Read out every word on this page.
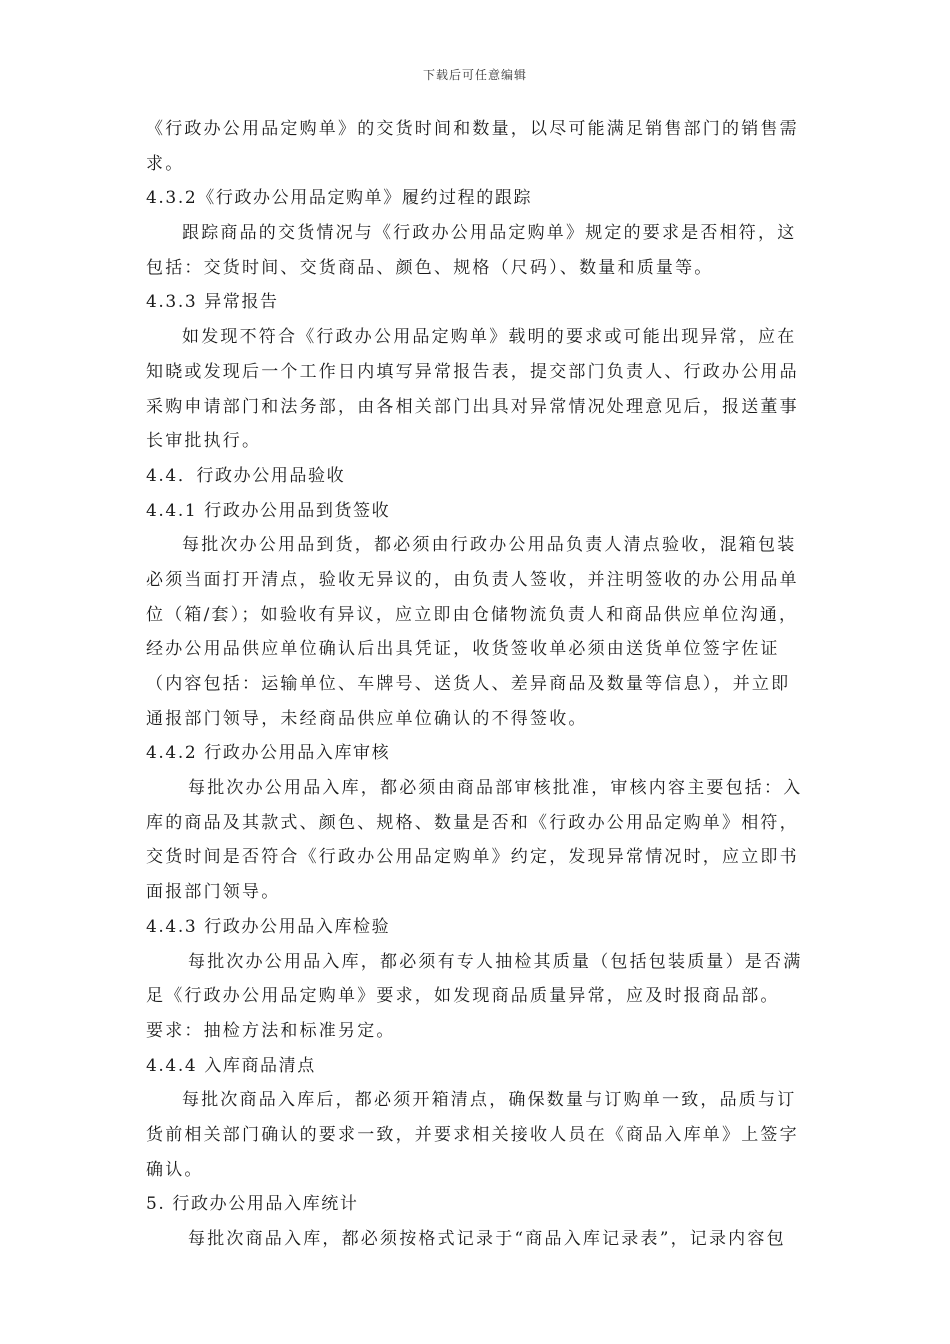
下载后可任意编辑
《行政办公用品定购单》的交货时间和数量，以尽可能满足销售部门的销售需
求。
4.3.2《行政办公用品定购单》履约过程的跟踪
跟踪商品的交货情况与《行政办公用品定购单》规定的要求是否相符，这
包括：交货时间、交货商品、颜色、规格（尺码）、数量和质量等。
4.3.3 异常报告
如发现不符合《行政办公用品定购单》载明的要求或可能出现异常，应在
知晓或发现后一个工作日内填写异常报告表，提交部门负责人、行政办公用品
采购申请部门和法务部，由各相关部门出具对异常情况处理意见后，报送董事
长审批执行。
4.4．行政办公用品验收
4.4.1 行政办公用品到货签收
每批次办公用品到货，都必须由行政办公用品负责人清点验收，混箱包装
必须当面打开清点，验收无异议的，由负责人签收，并注明签收的办公用品单
位（箱/套）；如验收有异议，应立即由仓储物流负责人和商品供应单位沟通，
经办公用品供应单位确认后出具凭证，收货签收单必须由送货单位签字佐证
（内容包括：运输单位、车牌号、送货人、差异商品及数量等信息），并立即
通报部门领导，未经商品供应单位确认的不得签收。
4.4.2 行政办公用品入库审核
每批次办公用品入库，都必须由商品部审核批准，审核内容主要包括：入
库的商品及其款式、颜色、规格、数量是否和《行政办公用品定购单》相符，
交货时间是否符合《行政办公用品定购单》约定，发现异常情况时，应立即书
面报部门领导。
4.4.3 行政办公用品入库检验
每批次办公用品入库，都必须有专人抽检其质量（包括包装质量）是否满
足《行政办公用品定购单》要求，如发现商品质量异常，应及时报商品部。
要求：抽检方法和标准另定。
4.4.4 入库商品清点
每批次商品入库后，都必须开箱清点，确保数量与订购单一致，品质与订
货前相关部门确认的要求一致，并要求相关接收人员在《商品入库单》上签字
确认。
5. 行政办公用品入库统计
每批次商品入库，都必须按格式记录于“商品入库记录表”，记录内容包
